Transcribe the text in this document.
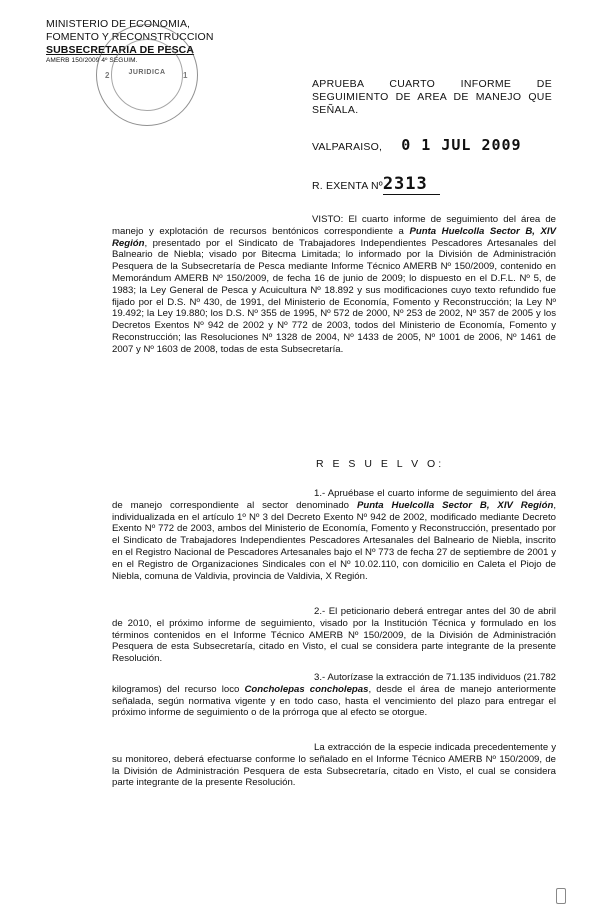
MINISTERIO DE ECONOMIA,
FOMENTO Y RECONSTRUCCION
SUBSECRETARIA DE PESCA
AMERB 150/2009 4º SEGUIM.
JURIDICA	1
2
APRUEBA CUARTO INFORME DE SEGUIMIENTO DE AREA DE MANEJO QUE SEÑALA.
VALPARAISO, 0 1 JUL 2009
R. EXENTA Nº2313
VISTO: El cuarto informe de seguimiento del área de manejo y explotación de recursos bentónicos correspondiente a Punta Huelcolla Sector B, XIV Región, presentado por el Sindicato de Trabajadores Independientes Pescadores Artesanales del Balneario de Niebla; visado por Bitecma Limitada; lo informado por la División de Administración Pesquera de la Subsecretaría de Pesca mediante Informe Técnico AMERB Nº 150/2009, contenido en Memorándum AMERB Nº 150/2009, de fecha 16 de junio de 2009; lo dispuesto en el D.F.L. Nº 5, de 1983; la Ley General de Pesca y Acuicultura Nº 18.892 y sus modificaciones cuyo texto refundido fue fijado por el D.S. Nº 430, de 1991, del Ministerio de Economía, Fomento y Reconstrucción; la Ley Nº 19.492; la Ley 19.880; los D.S. Nº 355 de 1995, Nº 572 de 2000, Nº 253 de 2002, Nº 357 de 2005 y los Decretos Exentos Nº 942 de 2002 y Nº 772 de 2003, todos del Ministerio de Economía, Fomento y Reconstrucción; las Resoluciones Nº 1328 de 2004, Nº 1433 de 2005, Nº 1001 de 2006, Nº 1461 de 2007 y Nº 1603 de 2008, todas de esta Subsecretaría.
R E S U E L V O:
1.- Apruébase el cuarto informe de seguimiento del área de manejo correspondiente al sector denominado Punta Huelcolla Sector B, XIV Región, individualizada en el artículo 1º Nº 3 del Decreto Exento Nº 942 de 2002, modificado mediante Decreto Exento Nº 772 de 2003, ambos del Ministerio de Economía, Fomento y Reconstrucción, presentado por el Sindicato de Trabajadores Independientes Pescadores Artesanales del Balneario de Niebla, inscrito en el Registro Nacional de Pescadores Artesanales bajo el Nº 773 de fecha 27 de septiembre de 2001 y en el Registro de Organizaciones Sindicales con el Nº 10.02.110, con domicilio en Caleta el Piojo de Niebla, comuna de Valdivia, provincia de Valdivia, X Región.
2.- El peticionario deberá entregar antes del 30 de abril de 2010, el próximo informe de seguimiento, visado por la Institución Técnica y formulado en los términos contenidos en el Informe Técnico AMERB Nº 150/2009, de la División de Administración Pesquera de esta Subsecretaría, citado en Visto, el cual se considera parte integrante de la presente Resolución.
3.- Autorízase la extracción de 71.135 individuos (21.782 kilogramos) del recurso loco Concholepas concholepas, desde el área de manejo anteriormente señalada, según normativa vigente y en todo caso, hasta el vencimiento del plazo para entregar el próximo informe de seguimiento o de la prórroga que al efecto se otorgue.
La extracción de la especie indicada precedentemente y su monitoreo, deberá efectuarse conforme lo señalado en el Informe Técnico AMERB Nº 150/2009, de la División de Administración Pesquera de esta Subsecretaría, citado en Visto, el cual se considera parte integrante de la presente Resolución.
